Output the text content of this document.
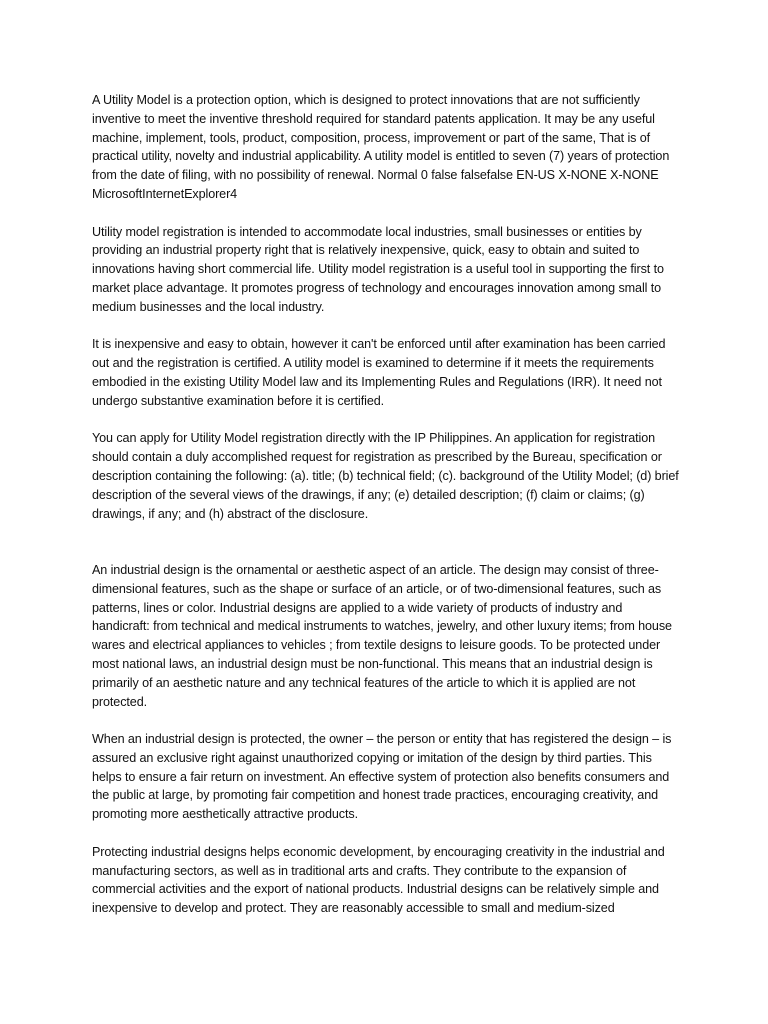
A Utility Model is a protection option, which is designed to protect innovations that are not sufficiently inventive to meet the inventive threshold required for standard patents application. It may be any useful machine, implement, tools, product, composition, process, improvement or part of the same, That is of practical utility, novelty and industrial applicability. A utility model is entitled to seven (7) years of protection from the date of filing, with no possibility of renewal. Normal 0 false falsefalse EN-US X-NONE X-NONE MicrosoftInternetExplorer4

Utility model registration is intended to accommodate local industries, small businesses or entities by providing an industrial property right that is relatively inexpensive, quick, easy to obtain and suited to innovations having short commercial life. Utility model registration is a useful tool in supporting the first to market place advantage. It promotes progress of technology and encourages innovation among small to medium businesses and the local industry.

It is inexpensive and easy to obtain, however it can't be enforced until after examination has been carried out and the registration is certified. A utility model is examined to determine if it meets the requirements embodied in the existing Utility Model law and its Implementing Rules and Regulations (IRR). It need not undergo substantive examination before it is certified.

You can apply for Utility Model registration directly with the IP Philippines. An application for registration should contain a duly accomplished request for registration as prescribed by the Bureau, specification or description containing the following: (a). title; (b) technical field; (c). background of the Utility Model; (d) brief description of the several views of the drawings, if any; (e) detailed description; (f) claim or claims; (g) drawings, if any; and (h) abstract of the disclosure.

An industrial design is the ornamental or aesthetic aspect of an article. The design may consist of three-dimensional features, such as the shape or surface of an article, or of two-dimensional features, such as patterns, lines or color. Industrial designs are applied to a wide variety of products of industry and handicraft: from technical and medical instruments to watches, jewelry, and other luxury items; from house wares and electrical appliances to vehicles ; from textile designs to leisure goods. To be protected under most national laws, an industrial design must be non-functional. This means that an industrial design is primarily of an aesthetic nature and any technical features of the article to which it is applied are not protected.

When an industrial design is protected, the owner – the person or entity that has registered the design – is assured an exclusive right against unauthorized copying or imitation of the design by third parties. This helps to ensure a fair return on investment. An effective system of protection also benefits consumers and the public at large, by promoting fair competition and honest trade practices, encouraging creativity, and promoting more aesthetically attractive products.

Protecting industrial designs helps economic development, by encouraging creativity in the industrial and manufacturing sectors, as well as in traditional arts and crafts. They contribute to the expansion of commercial activities and the export of national products. Industrial designs can be relatively simple and inexpensive to develop and protect. They are reasonably accessible to small and medium-sized
